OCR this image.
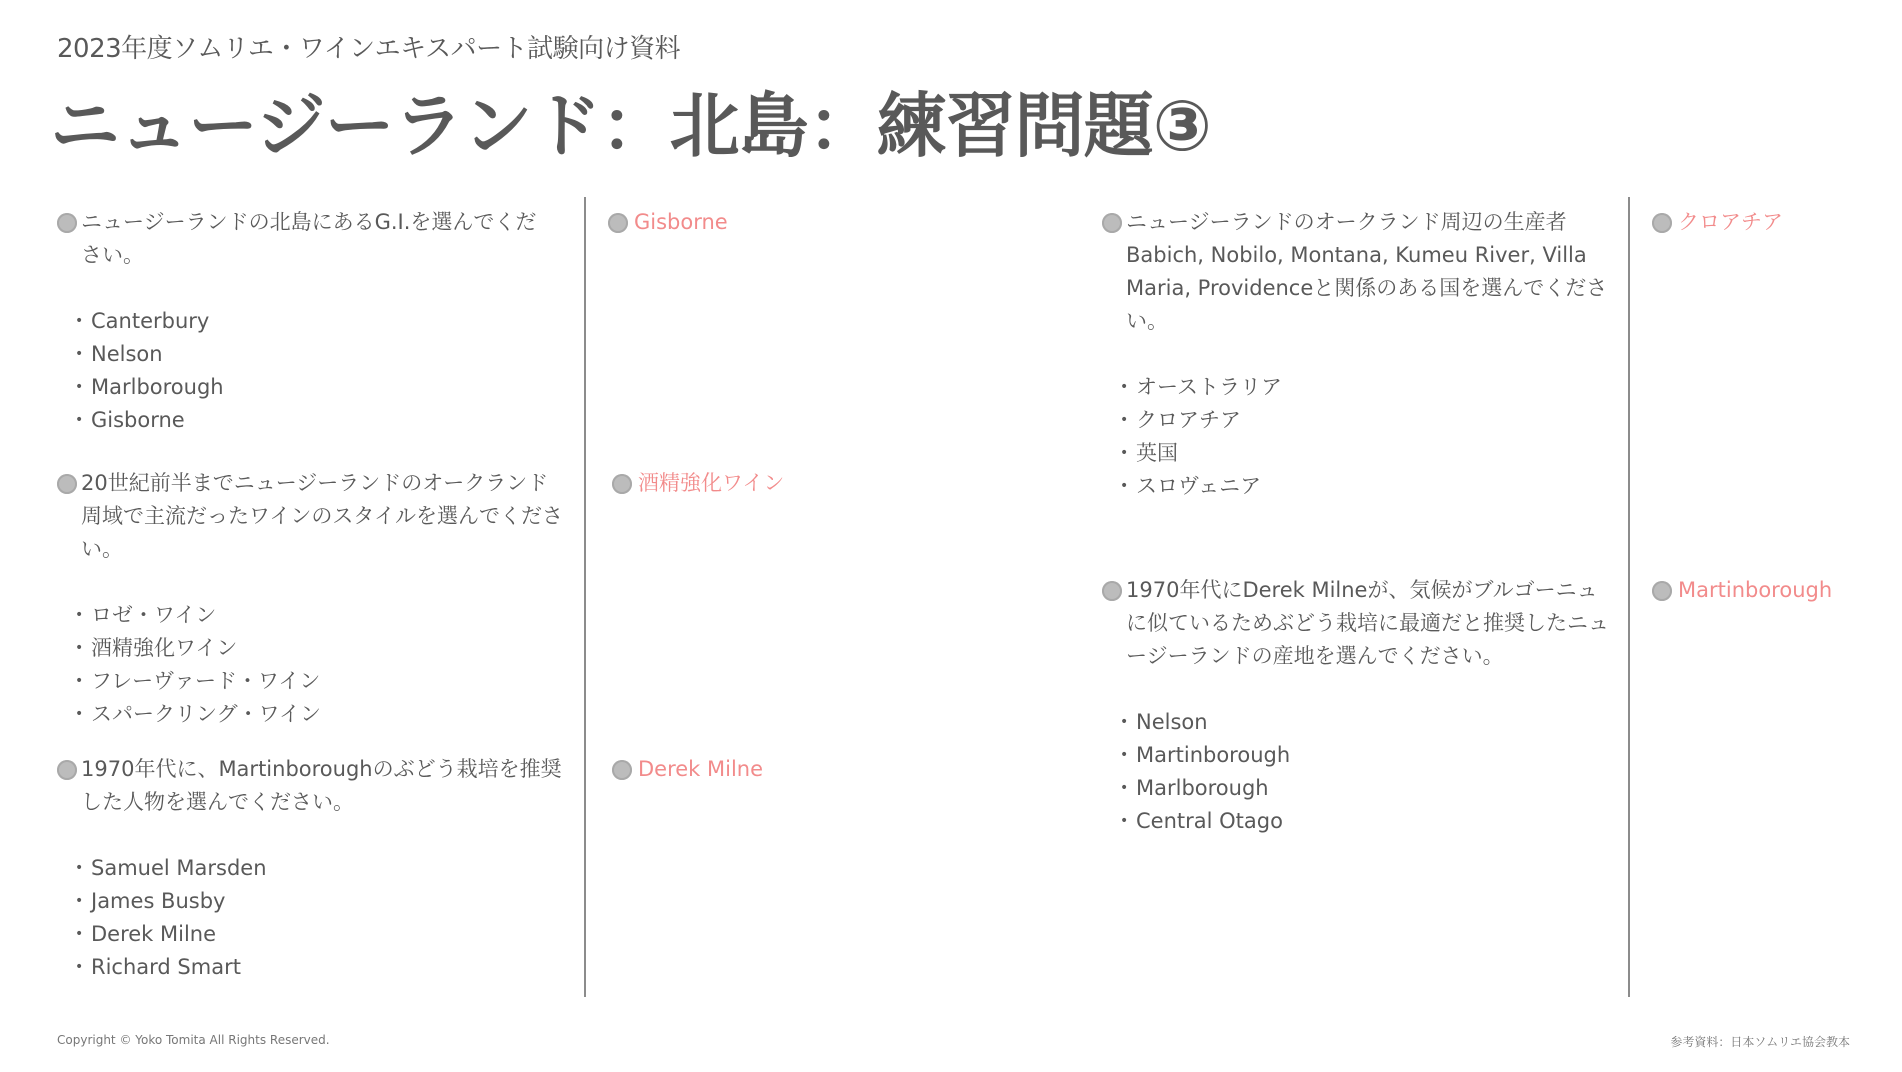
2023年度ソムリエ・ワインエキスパート試験向け資料
ニュージーランド：北島：練習問題③
ニュージーランドの北島にあるG.I.を選んでください。
• Canterbury
• Nelson
• Marlborough
• Gisborne
Gisborne
20世紀前半までニュージーランドのオークランド周域で主流だったワインのスタイルを選んでください。
• ロゼ・ワイン
• 酒精強化ワイン
• フレーヴァード・ワイン
• スパークリング・ワイン
酒精強化ワイン
1970年代に、Martinboroughのぶどう栽培を推奨した人物を選んでください。
• Samuel Marsden
• James Busby
• Derek Milne
• Richard Smart
Derek Milne
ニュージーランドのオークランド周辺の生産者Babich, Nobilo, Montana, Kumeu River, Villa Maria, Providenceと関係のある国を選んでください。
• オーストラリア
• クロアチア
• 英国
• スロヴェニア
クロアチア
1970年代にDerek Milneが、気候がブルゴーニュに似ているためぶどう栽培に最適だと推奨したニュージーランドの産地を選んでください。
• Nelson
• Martinborough
• Marlborough
• Central Otago
Martinborough
Copyright © Yoko Tomita All Rights Reserved.	参考資料：日本ソムリエ協会教本
